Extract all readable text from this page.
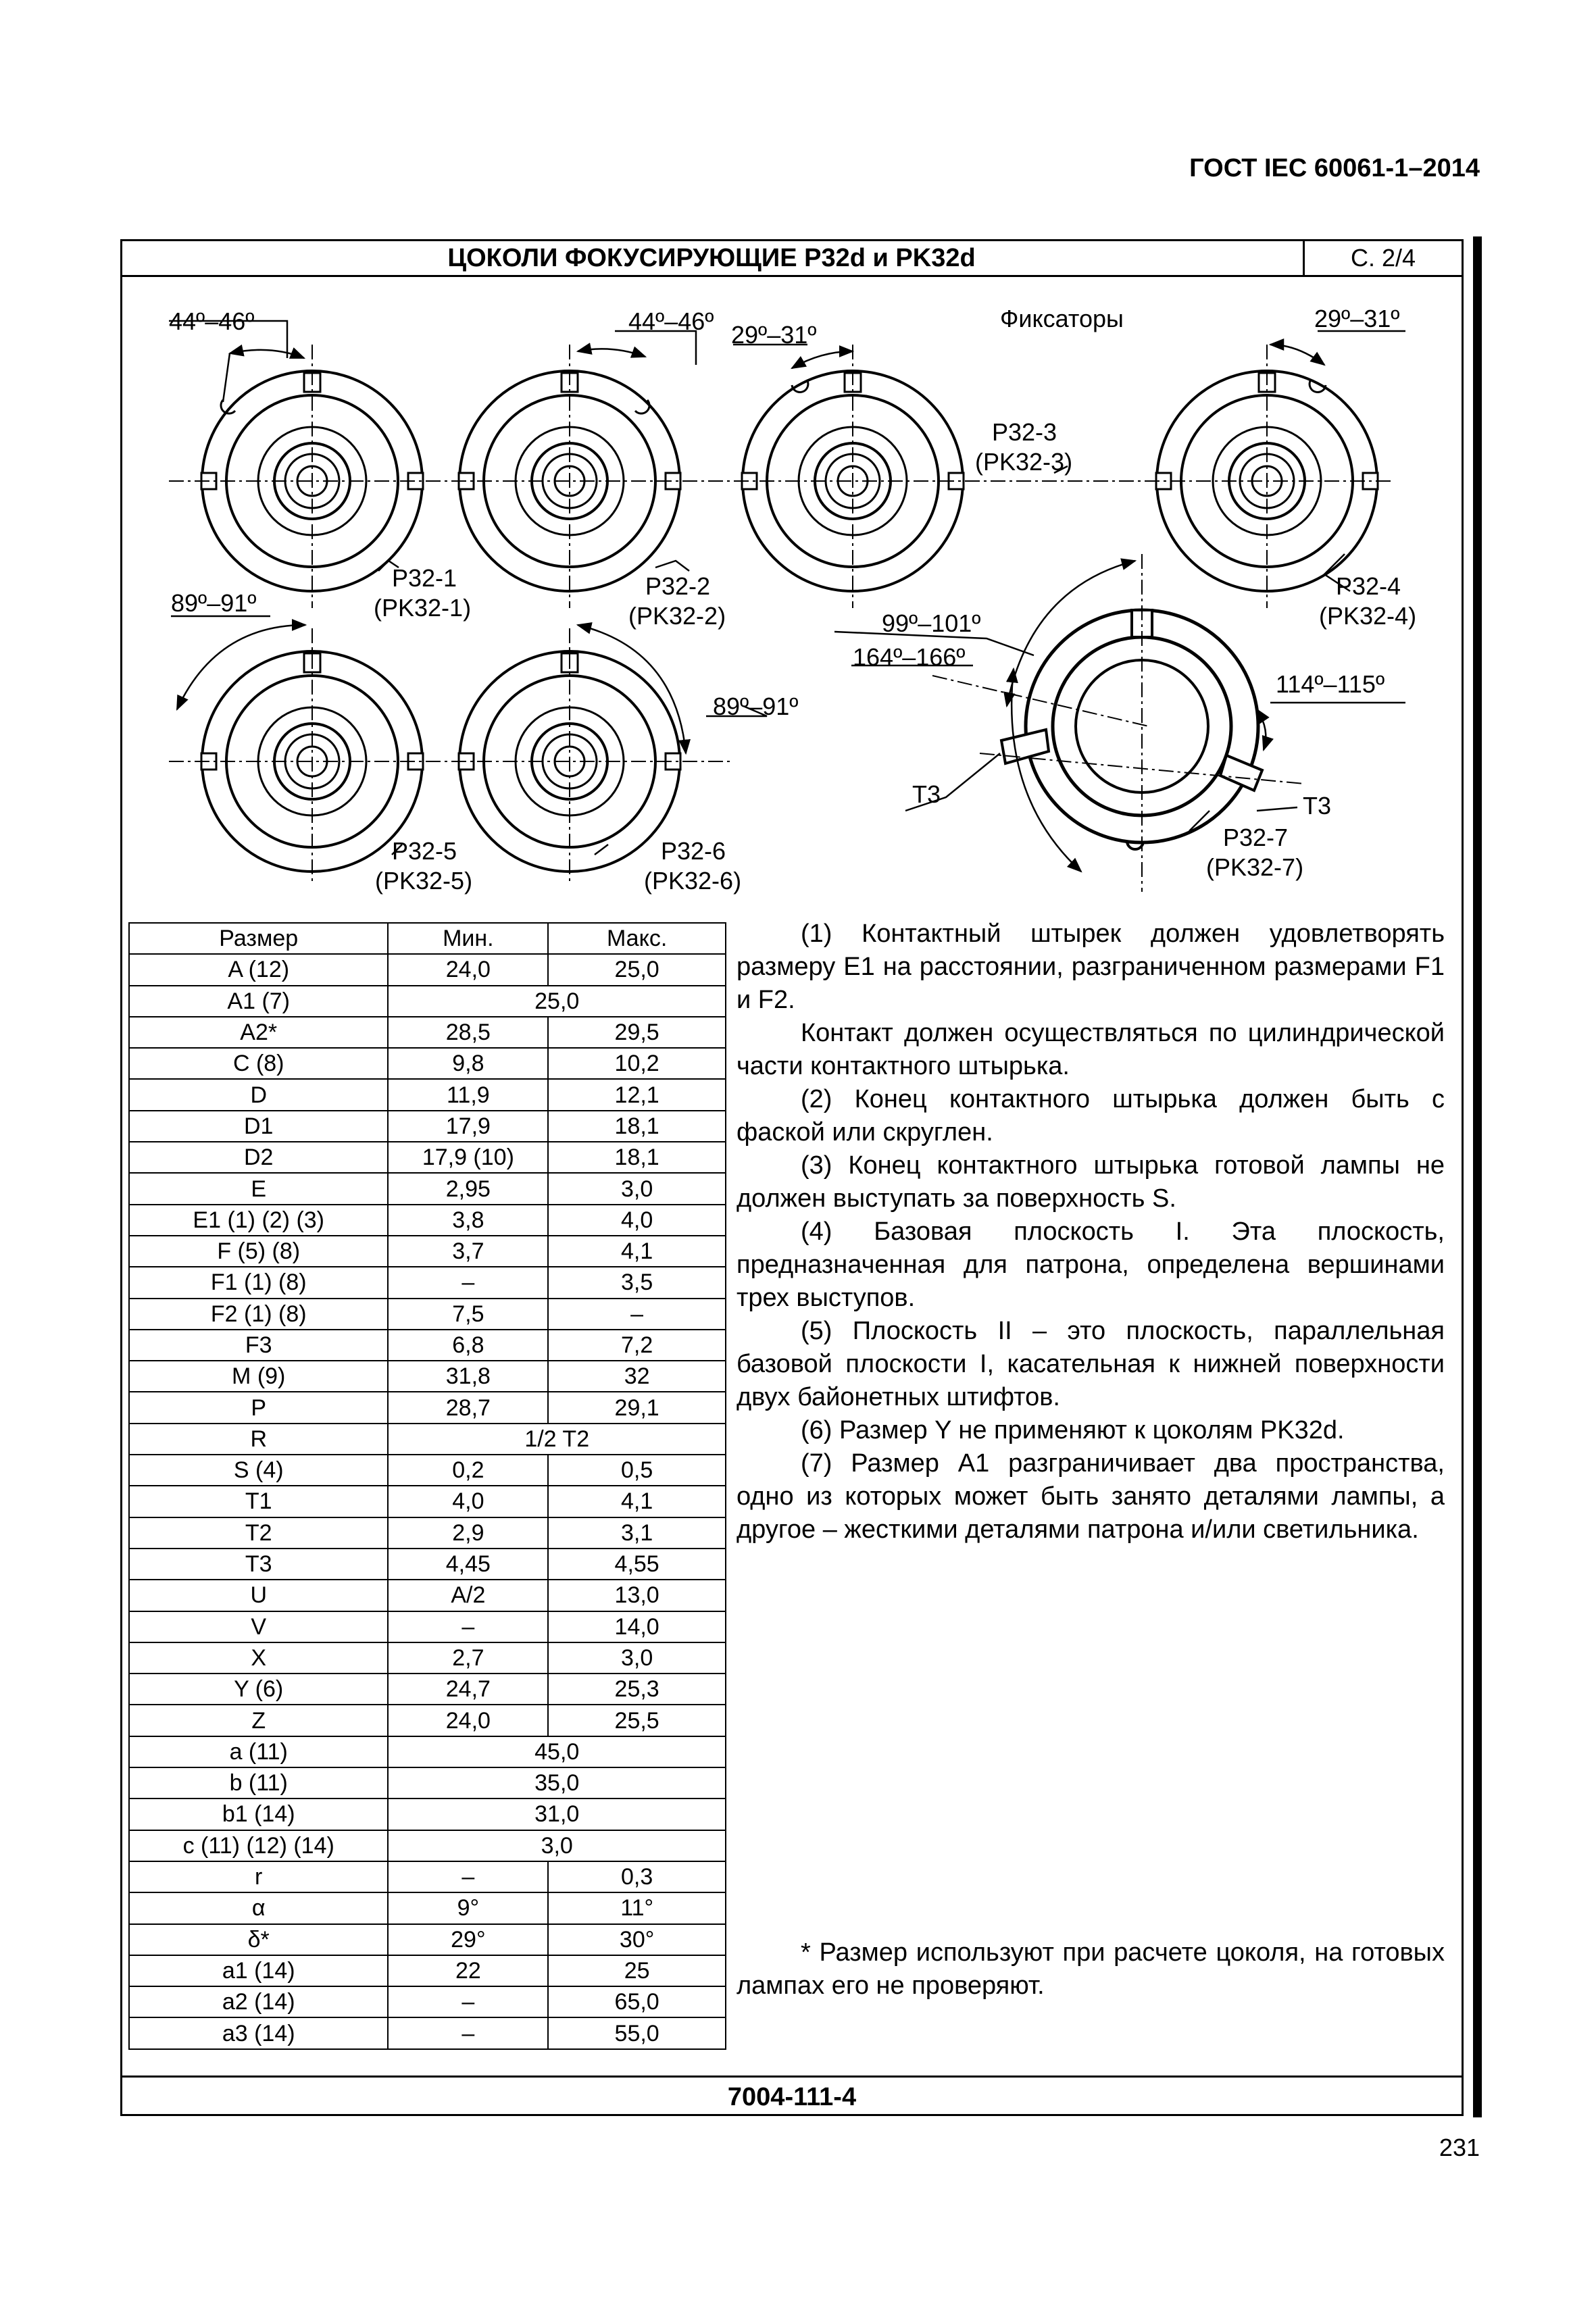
ГОСТ IEC 60061-1–2014
ЦОКОЛИ ФОКУСИРУЮЩИЕ P32d и PK32d	С. 2/4
44º–46º	44º–46º 29º–31º
Фиксаторы	29º–31º
89º–91º
89º–91º
99º–101º
164º–166º
114º–115º
P32-1
(PK32-1)
P32-2
(PK32-2)
P32-3
(PK32-3)
P32-4
(PK32-4)
P32-5
(PK32-5)
P32-6
(PK32-6)
P32-7
(PK32-7)
T3	T3
Размер	Мин.	Макс.
A (12)	24,0	25,0
A1 (7)	25,0	
A2*	28,5	29,5
C (8)	9,8	10,2
D	11,9	12,1
D1	17,9	18,1
D2	17,9 (10)	18,1
E	2,95	3,0
E1 (1) (2) (3)	3,8	4,0
F (5) (8)	3,7	4,1
F1 (1) (8)	–	3,5
F2 (1) (8)	7,5	–
F3	6,8	7,2
M (9)	31,8	32
P	28,7	29,1
R	1/2 T2	
S (4)	0,2	0,5
T1	4,0	4,1
T2	2,9	3,1
T3	4,45	4,55
U	A/2	13,0
V	–	14,0
X	2,7	3,0
Y (6)	24,7	25,3
Z	24,0	25,5
a (11)	45,0	
b (11)	35,0	
b1 (14)	31,0	
c (11) (12) (14)	3,0	
r	–	0,3
α	9°	11°
δ*	29°	30°
a1 (14)	22	25
a2 (14)	–	65,0
a3 (14)	–	55,0

(1) Контактный штырек должен удовлетворять размеру E1 на расстоянии, разграниченном размерами F1 и F2.

Контакт должен осуществляться по цилиндрической части контактного штырька.

(2) Конец контактного штырька должен быть с фаской или скруглен.

(3) Конец контактного штырька готовой лампы не должен выступать за поверхность S.

(4) Базовая плоскость I. Эта плоскость, предназначенная для патрона, определена вершинами трех выступов.

(5) Плоскость II – это плоскость, параллельная базовой плоскости I, касательная к нижней поверхности двух байонетных штифтов.

(6) Размер Y не применяют к цоколям PK32d.

(7) Размер A1 разграничивает два пространства, одно из которых может быть занято деталями лампы, а другое – жесткими деталями патрона и/или светильника.

* Размер используют при расчете цоколя, на готовых лампах его не проверяют.
7004-111-4
231
